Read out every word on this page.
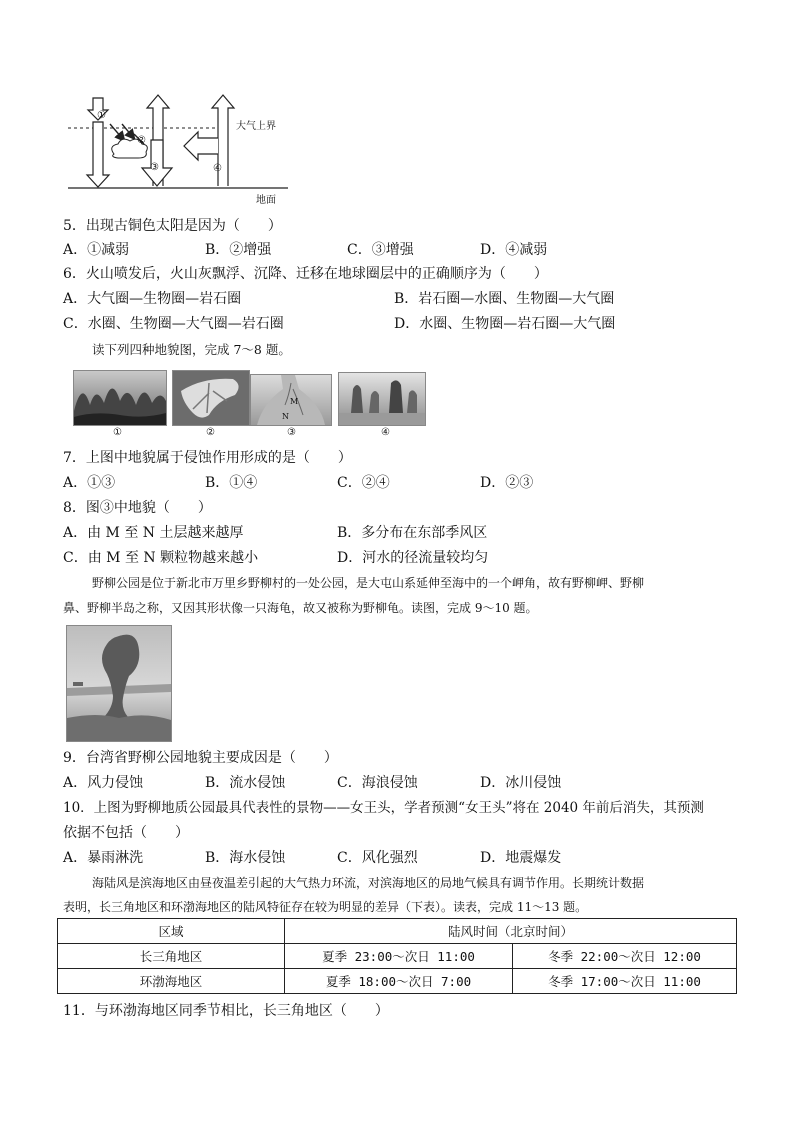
①
②
③	④
大气上界
地面
5．出现古铜色太阳是因为（　　）
A．①减弱	B．②增强	C．③增强	D．④减弱
6．火山喷发后，火山灰飘浮、沉降、迁移在地球圈层中的正确顺序为（　　）
A．大气圈—生物圈—岩石圈	B．岩石圈—水圈、生物圈—大气圈
C．水圈、生物圈—大气圈—岩石圈	D．水圈、生物圈—岩石圈—大气圈
读下列四种地貌图，完成 7～8 题。
M
N
①	②	③	④
7．上图中地貌属于侵蚀作用形成的是（　　）
A．①③	B．①④	C．②④	D．②③
8．图③中地貌（　　）
A．由 M 至 N 土层越来越厚	B．多分布在东部季风区
C．由 M 至 N 颗粒物越来越小	D．河水的径流量较均匀
野柳公园是位于新北市万里乡野柳村的一处公园，是大屯山系延伸至海中的一个岬角，故有野柳岬、野柳
鼻、野柳半岛之称，又因其形状像一只海龟，故又被称为野柳龟。读图，完成 9～10 题。
9．台湾省野柳公园地貌主要成因是（　　）
A．风力侵蚀	B．流水侵蚀	C．海浪侵蚀	D．冰川侵蚀
10．上图为野柳地质公园最具代表性的景物——女王头，学者预测“女王头”将在 2040 年前后消失，其预测
依据不包括（　　）
A．暴雨淋洗	B．海水侵蚀	C．风化强烈	D．地震爆发
海陆风是滨海地区由昼夜温差引起的大气热力环流，对滨海地区的局地气候具有调节作用。长期统计数据
表明，长三角地区和环渤海地区的陆风特征存在较为明显的差异（下表）。读表，完成 11～13 题。
区域	陆风时间（北京时间）	
长三角地区	夏季 23:00～次日 11:00	冬季 22:00～次日 12:00
环渤海地区	夏季 18:00～次日 7:00	冬季 17:00～次日 11:00
11．与环渤海地区同季节相比，长三角地区（　　）
